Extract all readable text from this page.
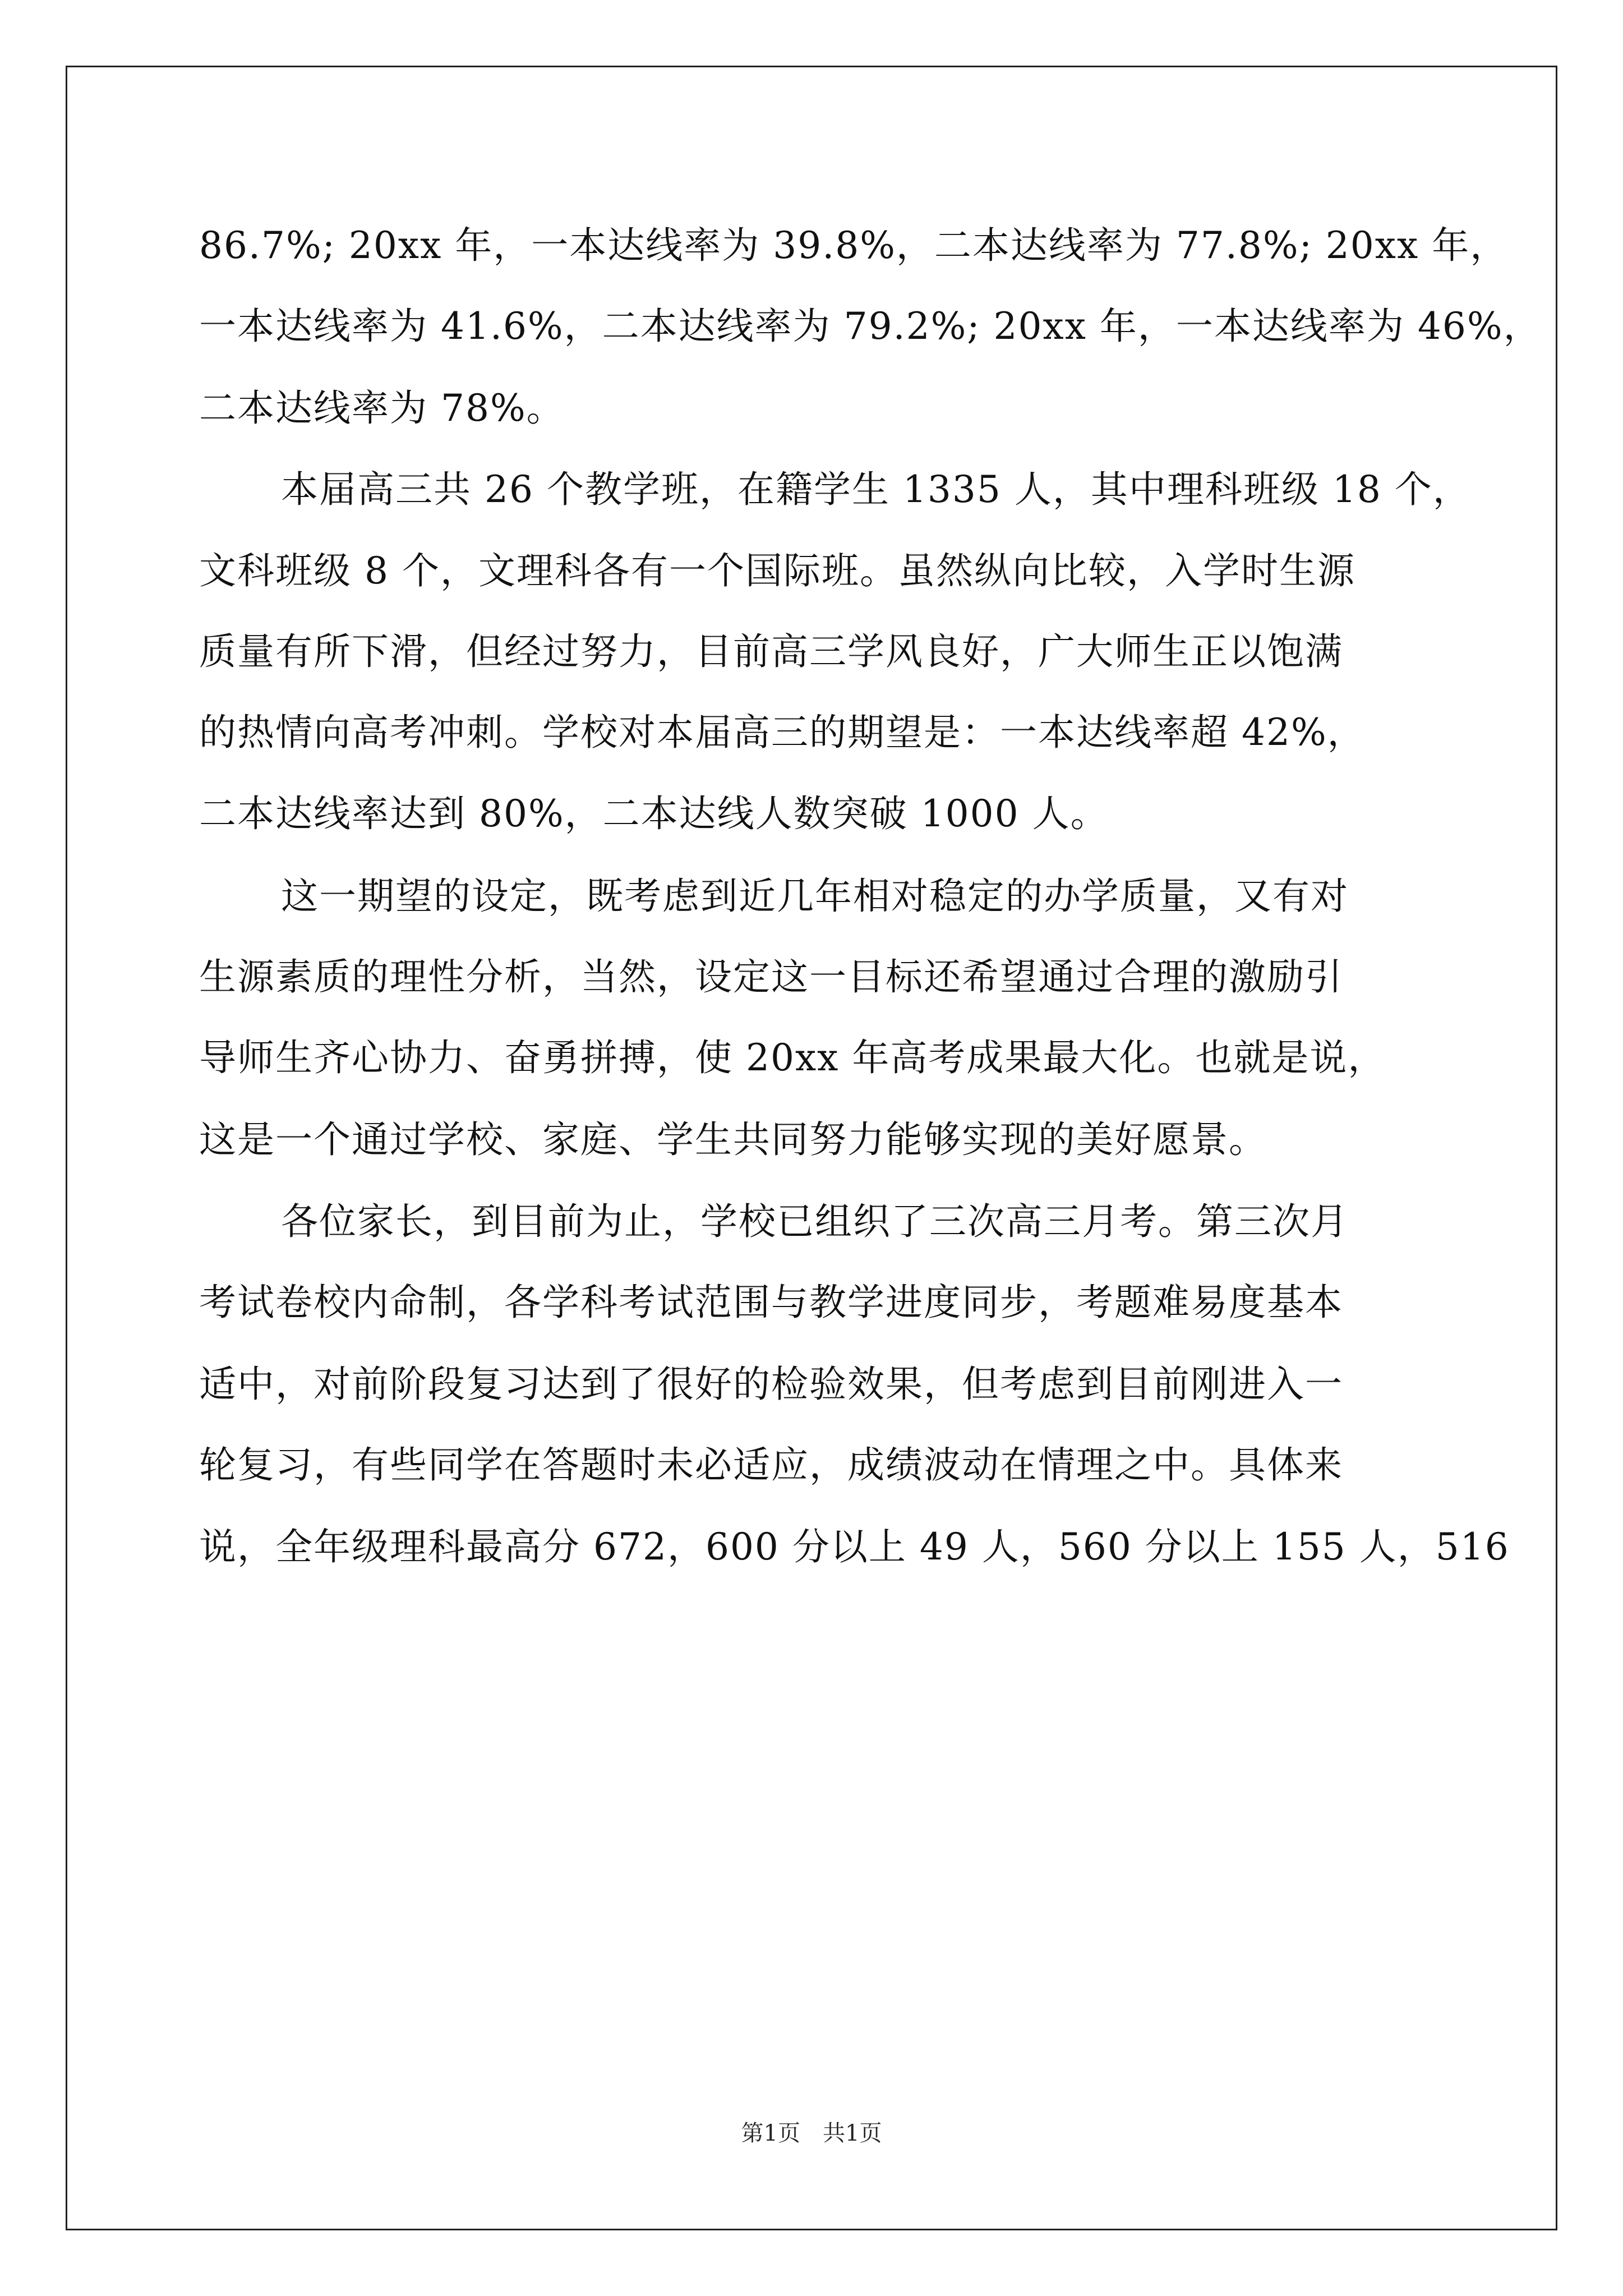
86.7%; 20xx 年，一本达线率为 39.8%，二本达线率为 77.8%; 20xx 年，
一本达线率为 41.6%，二本达线率为 79.2%; 20xx 年，一本达线率为 46%，
二本达线率为 78%。
本届高三共 26 个教学班，在籍学生 1335 人，其中理科班级 18 个，
文科班级 8 个，文理科各有一个国际班。虽然纵向比较，入学时生源
质量有所下滑，但经过努力，目前高三学风良好，广大师生正以饱满
的热情向高考冲刺。学校对本届高三的期望是：一本达线率超 42%，
二本达线率达到 80%，二本达线人数突破 1000 人。
这一期望的设定，既考虑到近几年相对稳定的办学质量，又有对
生源素质的理性分析，当然，设定这一目标还希望通过合理的激励引
导师生齐心协力、奋勇拼搏，使 20xx 年高考成果最大化。也就是说，
这是一个通过学校、家庭、学生共同努力能够实现的美好愿景。
各位家长，到目前为止，学校已组织了三次高三月考。第三次月
考试卷校内命制，各学科考试范围与教学进度同步，考题难易度基本
适中，对前阶段复习达到了很好的检验效果，但考虑到目前刚进入一
轮复习，有些同学在答题时未必适应，成绩波动在情理之中。具体来
说，全年级理科最高分 672，600 分以上 49 人，560 分以上 155 人，516
第1页　共1页
